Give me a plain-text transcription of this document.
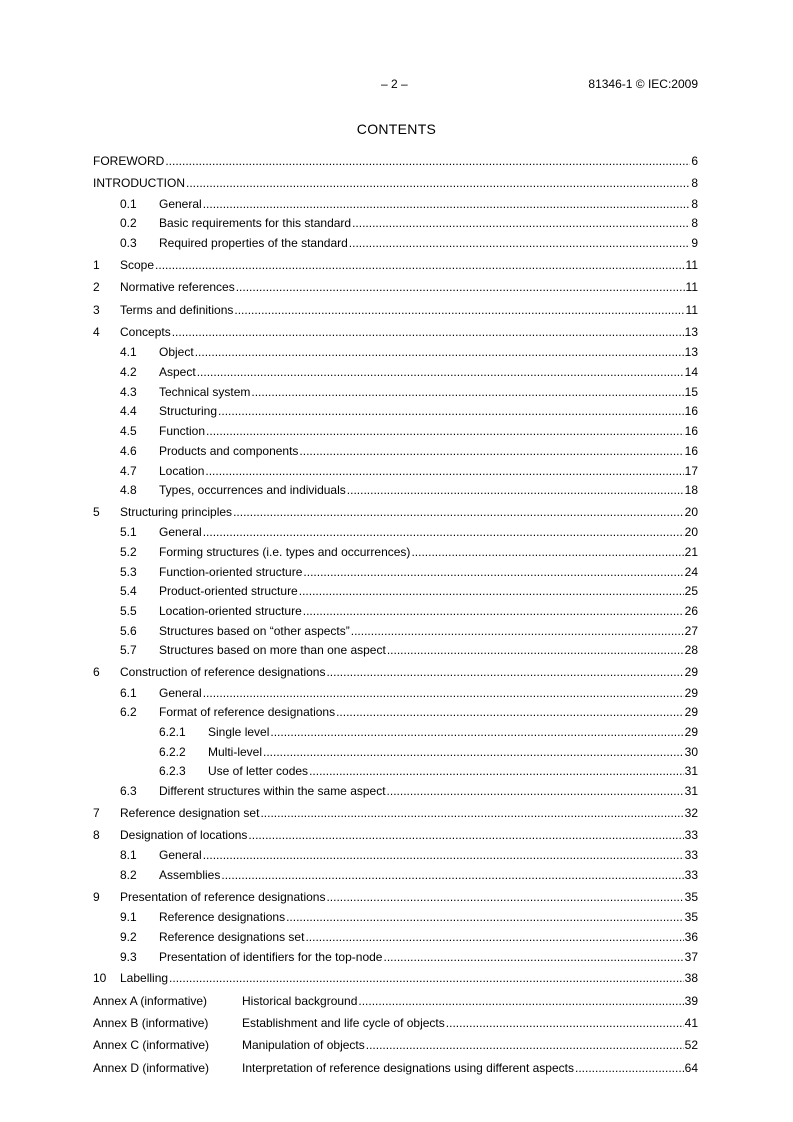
– 2 –	81346-1 © IEC:2009
CONTENTS
FOREWORD .....	6
INTRODUCTION .....	8
0.1	General .....	8
0.2	Basic requirements for this standard .....	8
0.3	Required properties of the standard .....	9
1	Scope .....	11
2	Normative references .....	11
3	Terms and definitions .....	11
4	Concepts .....	13
4.1	Object .....	13
4.2	Aspect .....	14
4.3	Technical system .....	15
4.4	Structuring .....	16
4.5	Function .....	16
4.6	Products and components .....	16
4.7	Location .....	17
4.8	Types, occurrences and individuals .....	18
5	Structuring principles .....	20
5.1	General .....	20
5.2	Forming structures (i.e. types and occurrences) .....	21
5.3	Function-oriented structure .....	24
5.4	Product-oriented structure .....	25
5.5	Location-oriented structure .....	26
5.6	Structures based on “other aspects” .....	27
5.7	Structures based on more than one aspect .....	28
6	Construction of reference designations .....	29
6.1	General .....	29
6.2	Format of reference designations .....	29
6.2.1	Single level .....	29
6.2.2	Multi-level .....	30
6.2.3	Use of letter codes .....	31
6.3	Different structures within the same aspect .....	31
7	Reference designation set .....	32
8	Designation of locations .....	33
8.1	General .....	33
8.2	Assemblies .....	33
9	Presentation of reference designations .....	35
9.1	Reference designations .....	35
9.2	Reference designations set .....	36
9.3	Presentation of identifiers for the top-node .....	37
10	Labelling .....	38
Annex A (informative)	Historical background .....	39
Annex B (informative)	Establishment and life cycle of objects .....	41
Annex C (informative)	Manipulation of objects .....	52
Annex D (informative)	Interpretation of reference designations using different aspects .....	64
